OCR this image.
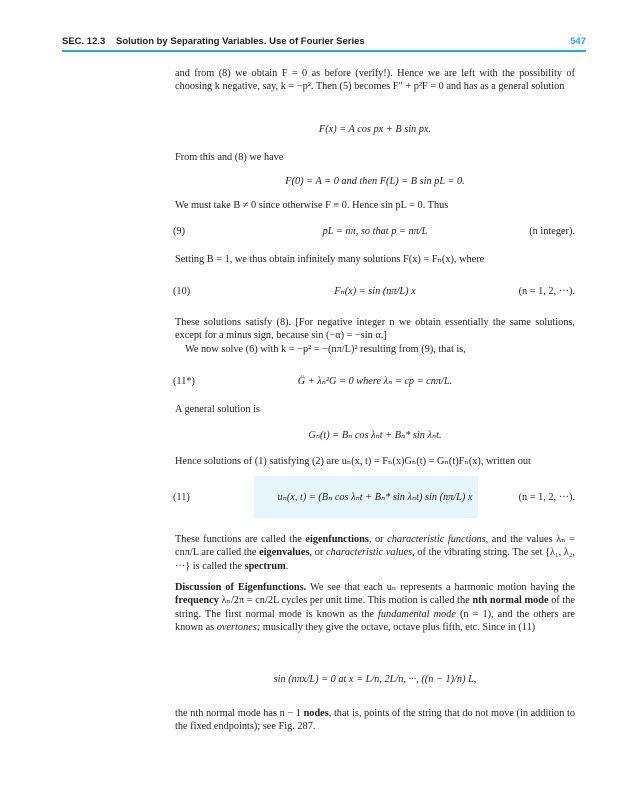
SEC. 12.3 Solution by Separating Variables. Use of Fourier Series	547
and from (8) we obtain F = 0 as before (verify!). Hence we are left with the possibility of choosing k negative, say, k = −p². Then (5) becomes F″ + p²F = 0 and has as a general solution
F(x) = A cos px + B sin px.
From this and (8) we have
F(0) = A = 0 and then F(L) = B sin pL = 0.
We must take B ≠ 0 since otherwise F ≡ 0. Hence sin pL = 0. Thus
(9)	pL = nπ, so that p = nπ/L	(n integer).
Setting B = 1, we thus obtain infinitely many solutions F(x) = Fₙ(x), where
(10)	Fₙ(x) = sin (nπ/L) x	(n = 1, 2, ···).
These solutions satisfy (8). [For negative integer n we obtain essentially the same solutions, except for a minus sign, because sin (−α) = −sin α.]
We now solve (6) with k = −p² = −(nπ/L)² resulting from (9), that is,
(11*)	G̈ + λₙ²G = 0 where λₙ = cp = cnπ/L.
A general solution is
Gₙ(t) = Bₙ cos λₙt + Bₙ* sin λₙt.
Hence solutions of (1) satisfying (2) are uₙ(x, t) = Fₙ(x)Gₙ(t) = Gₙ(t)Fₙ(x), written out
(11)	uₙ(x, t) = (Bₙ cos λₙt + Bₙ* sin λₙt) sin (nπ/L) x	(n = 1, 2, ···).
These functions are called the eigenfunctions, or characteristic functions, and the values λₙ = cnπ/L are called the eigenvalues, or characteristic values, of the vibrating string. The set {λ₁, λ₂, ···} is called the spectrum.
Discussion of Eigenfunctions. We see that each uₙ represents a harmonic motion having the frequency λₙ/2π = cn/2L cycles per unit time. This motion is called the nth normal mode of the string. The first normal mode is known as the fundamental mode (n = 1), and the others are known as overtones; musically they give the octave, octave plus fifth, etc. Since in (11)
sin (nπx/L) = 0 at x = L/n, 2L/n, ···, ((n − 1)/n) L,
the nth normal mode has n − 1 nodes, that is, points of the string that do not move (in addition to the fixed endpoints); see Fig. 287.
